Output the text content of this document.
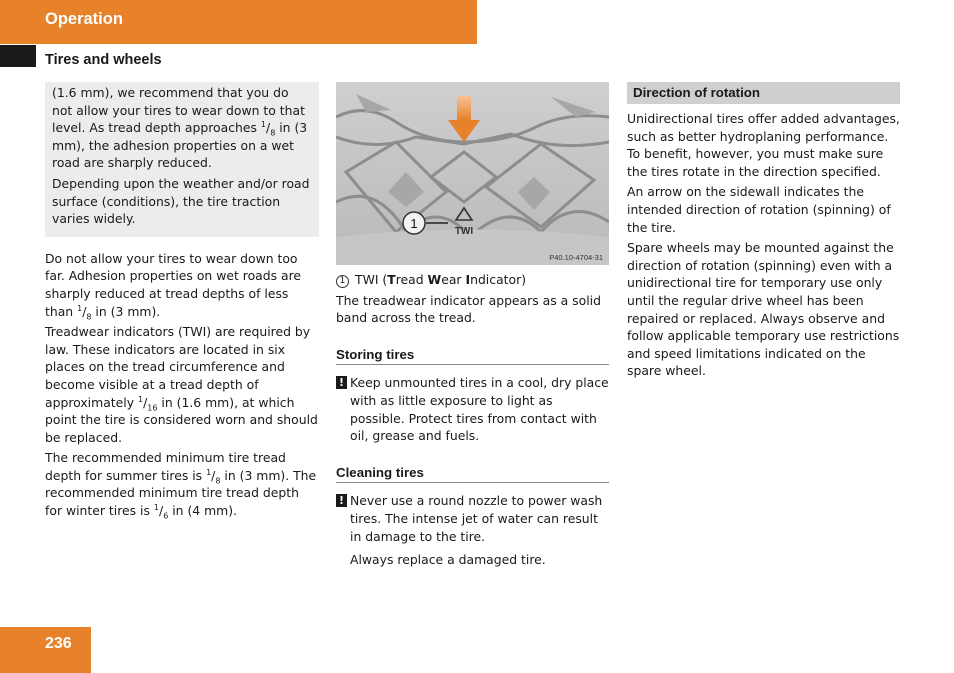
Operation
Tires and wheels

(1.6 mm), we recommend that you do not allow your tires to wear down to that level. As tread depth approaches $^1/_8$ in (3 mm), the adhesion properties on a wet road are sharply reduced.

Depending upon the weather and/or road surface (conditions), the tire traction varies widely.

Do not allow your tires to wear down too far. Adhesion properties on wet roads are sharply reduced at tread depths of less than $^1/_8$ in (3 mm).

Treadwear indicators (TWI) are required by law. These indicators are located in six places on the tread circumference and become visible at a tread depth of approximately $^1/_{16}$ in (1.6 mm), at which point the tire is considered worn and should be replaced.

The recommended minimum tire tread depth for summer tires is $^1/_8$ in (3 mm). The recommended minimum tire tread depth for winter tires is $^1/_6$ in (4 mm).

1
TWI
P40.10-4704-31

1 TWI (Tread Wear Indicator)

The treadwear indicator appears as a solid band across the tread.

Storing tires

! Keep unmounted tires in a cool, dry place with as little exposure to light as possible. Protect tires from contact with oil, grease and fuels.

Cleaning tires

! Never use a round nozzle to power wash tires. The intense jet of water can result in damage to the tire.

Always replace a damaged tire.

Direction of rotation

Unidirectional tires offer added advantages, such as better hydroplaning performance. To benefit, however, you must make sure the tires rotate in the direction specified.

An arrow on the sidewall indicates the intended direction of rotation (spinning) of the tire.

Spare wheels may be mounted against the direction of rotation (spinning) even with a unidirectional tire for temporary use only until the regular drive wheel has been repaired or replaced. Always observe and follow applicable temporary use restrictions and speed limitations indicated on the spare wheel.

236
